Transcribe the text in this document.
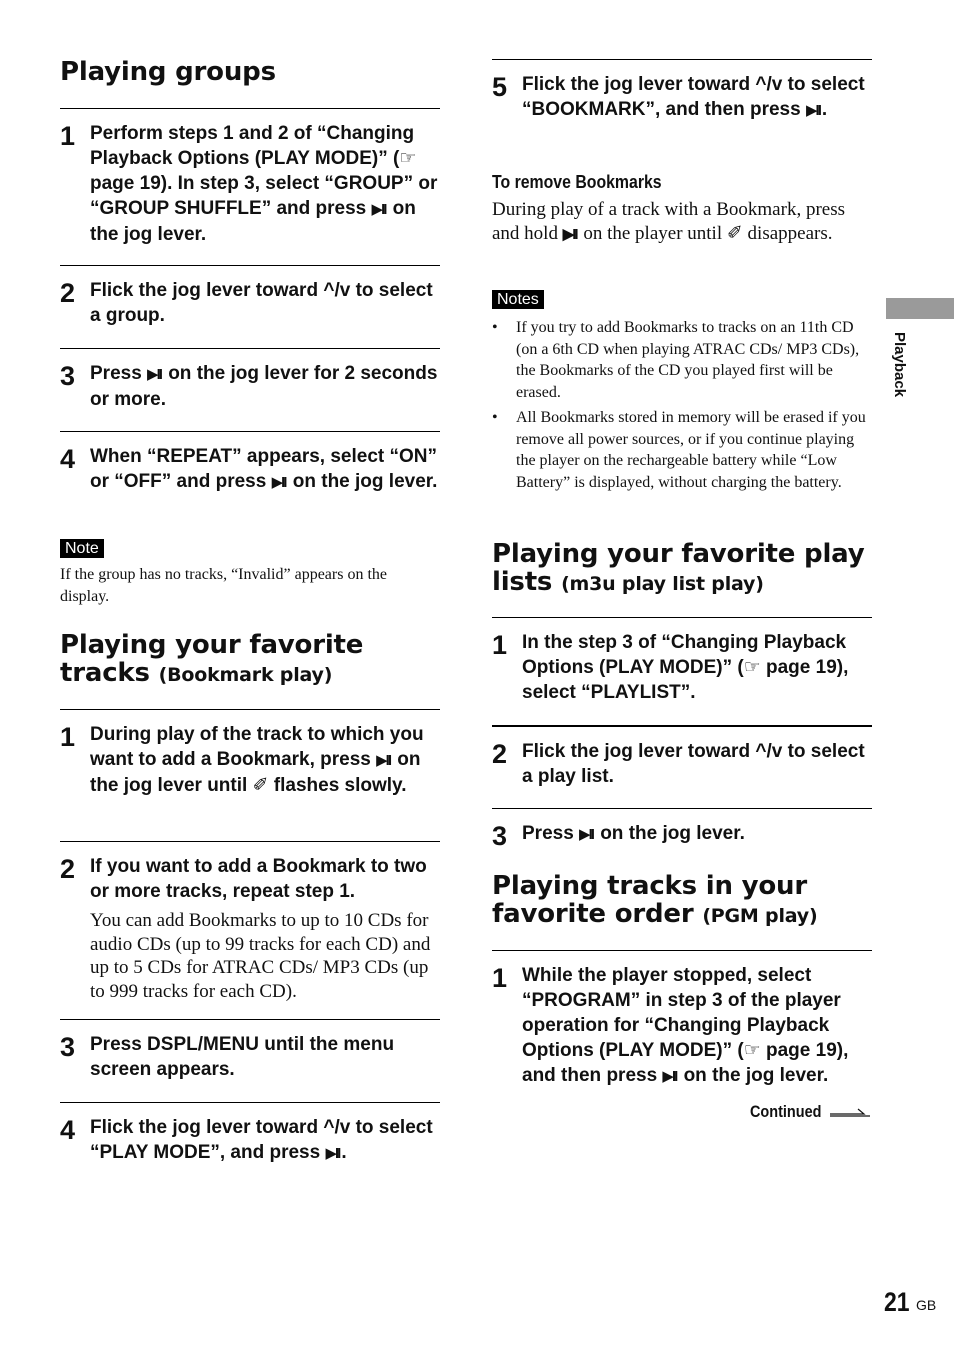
Playing groups
1 Perform steps 1 and 2 of “Changing Playback Options (PLAY MODE)” (☞ page 19). In step 3, select “GROUP” or “GROUP SHUFFLE” and press ▶II on the jog lever.
2 Flick the jog lever toward ^/v to select a group.
3 Press ▶II on the jog lever for 2 seconds or more.
4 When “REPEAT” appears, select “ON” or “OFF” and press ▶II on the jog lever.
Note
If the group has no tracks, “Invalid” appears on the display.
Playing your favorite tracks (Bookmark play)
1 During play of the track to which you want to add a Bookmark, press ▶II on the jog lever until ✐ flashes slowly.
2 If you want to add a Bookmark to two or more tracks, repeat step 1.
You can add Bookmarks to up to 10 CDs for audio CDs (up to 99 tracks for each CD) and up to 5 CDs for ATRAC CDs/ MP3 CDs (up to 999 tracks for each CD).
3 Press DSPL/MENU until the menu screen appears.
4 Flick the jog lever toward ^/v to select “PLAY MODE”, and press ▶II .
5 Flick the jog lever toward ^/v to select “BOOKMARK”, and then press ▶II .
To remove Bookmarks
During play of a track with a Bookmark, press and hold ▶II on the player until ✐ disappears.
Notes
• If you try to add Bookmarks to tracks on an 11th CD (on a 6th CD when playing ATRAC CDs/ MP3 CDs), the Bookmarks of the CD you played first will be erased.
• All Bookmarks stored in memory will be erased if you remove all power sources, or if you continue playing the player on the rechargeable battery while “Low Battery” is displayed, without charging the battery.
Playing your favorite play lists (m3u play list play)
1 In the step 3 of “Changing Playback Options (PLAY MODE)” (☞ page 19), select “PLAYLIST”.
2 Flick the jog lever toward ^/v to select a play list.
3 Press ▶II on the jog lever.
Playing tracks in your favorite order (PGM play)
1 While the player stopped, select “PROGRAM” in step 3 of the player operation for “Changing Playback Options (PLAY MODE)” (☞ page 19), and then press ▶II on the jog lever.
Continued
Playback
21 GB
